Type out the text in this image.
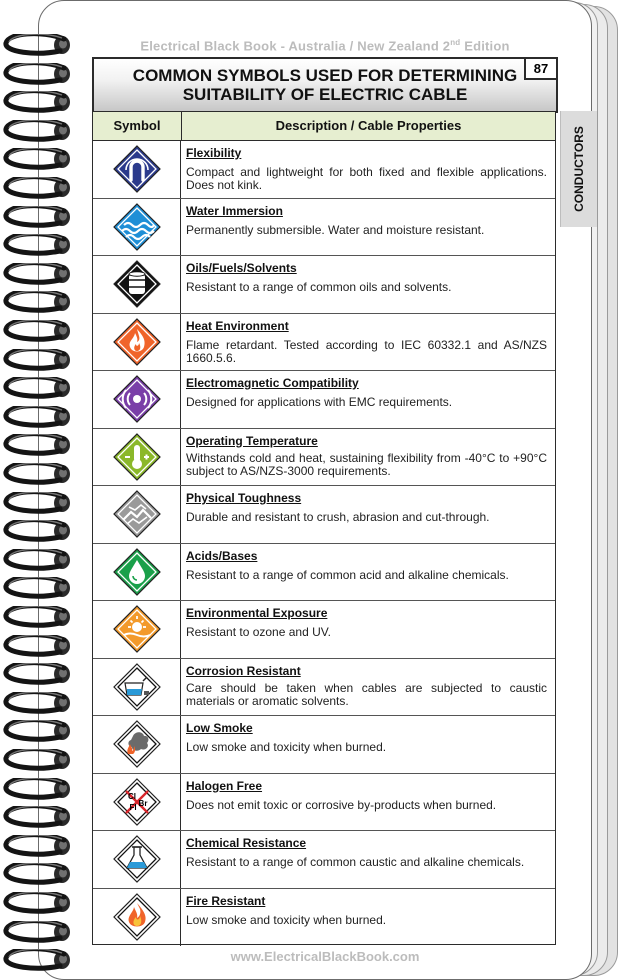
Electrical Black Book - Australia / New Zealand 2nd Edition
COMMON SYMBOLS USED FOR DETERMINING
SUITABILITY OF ELECTRIC CABLE
87
CONDUCTORS
Symbol	Description / Cable Properties
Flexibility
Compact and lightweight for both fixed and flexible applications. Does not kink.
Water Immersion
Permanently submersible. Water and moisture resistant.
Oils/Fuels/Solvents
Resistant to a range of common oils and solvents.
Heat Environment
Flame retardant. Tested according to IEC 60332.1 and AS/NZS 1660.5.6.
Electromagnetic Compatibility
Designed for applications with EMC requirements.
Operating Temperature
Withstands cold and heat, sustaining flexibility from -40°C to +90°C subject to AS/NZS-3000 requirements.
Physical Toughness
Durable and resistant to crush, abrasion and cut-through.
Acids/Bases
Resistant to a range of common acid and alkaline chemicals.
Environmental Exposure
Resistant to ozone and UV.
Corrosion Resistant
Care should be taken when cables are subjected to caustic materials or aromatic solvents.
Low Smoke
Low smoke and toxicity when burned.
Cl
Br
Fl
Halogen Free
Does not emit toxic or corrosive by-products when burned.
Chemical Resistance
Resistant to a range of common caustic and alkaline chemicals.
Fire Resistant
Low smoke and toxicity when burned.
www.ElectricalBlackBook.com
